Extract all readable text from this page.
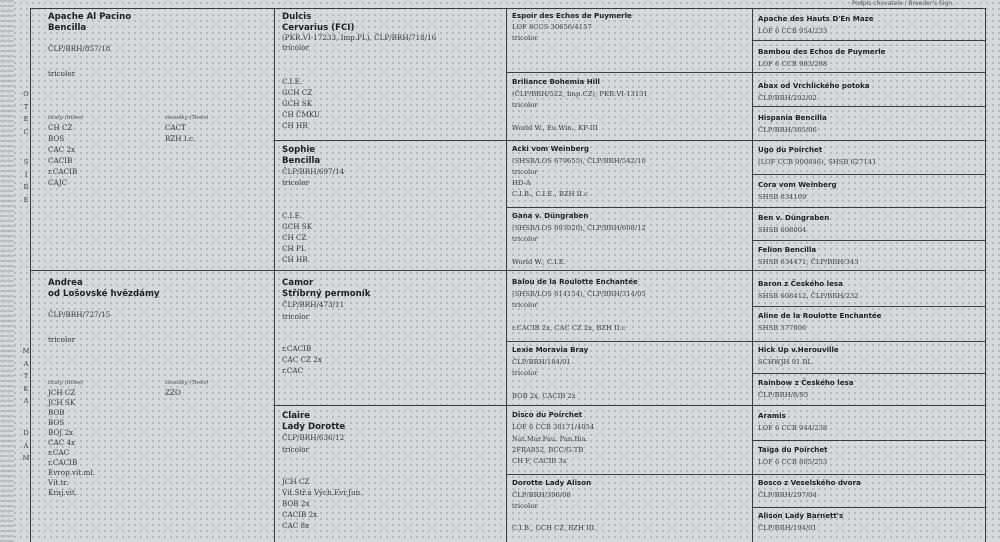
Podpis chovatele / Breeder's Sign.
O
T
E
C
S
I
R
E
M
A
T
K
A
D
A
M
Apache Al Pacino
Bencilla
ČLP/BRH/857/18
tricolor
tituly (titles)	zkoušky (Tests)
CH CZ
BOS
CAC 2x
CACIB
r.CACIB
CAJC
CACT
BZH I.c.
Andrea
od Lošovské hvězdámy
ČLP/BRH/727/15
tricolor
tituly (titles)	zkoušky (Tests)
JCH CZ
JCH SK
BOB
BOS
BOJ 2x
CAC 4x
r.CAC
r.CACIB
Evrop.vít.ml.
Vít.tr.
Kraj.vít.
ZZO
Dulcis
Cervarius (FCI)
(PKR.VI-17233, Imp.PL), ČLP/BRH/718/16
tricolor
C.I.E.
GCH CZ
GCH SK
CH ČMKU
CH HR
Sophie
Bencilla
ČLP/BRH/697/14
tricolor
C.I.E.
GCH SK
CH CZ
CH PL
CH HR
Camor
Stříbrný permoník
ČLP/BRH/473/11
tricolor
r.CACIB
CAC CZ 2x
r.CAC
Claire
Lady Dorotte
ČLP/BRH/636/12
tricolor
JCH CZ
Vít.Stř.a Vých.Evr.Jun.
BOB 2x
CACIB 2x
CAC 8x
Espoir des Echos de Puymerle
LOF 8CCS 30656/4157
tricolor
Briliance Bohemia Hill
(ČLP/BRH/522, Imp.CZ), PKR.VI-13131
tricolor
World W., Eu.Win., KP-III
Acki vom Weinberg
(SHSB/LOS 679655), ČLP/BRH/542/10
tricolor
HD-A
C.I.B., C.I.E., BZH II.c
Gana v. Düngraben
(SHSB/LOS 693020), ČLP/BRH/608/12
tricolor
World W., C.I.E.
Balou de la Roulotte Enchantée
(SHSB/LOS 614154), ČLP/BRH/314/05
tricolor
r.CACIB 2x, CAC CZ 2x, BZH II.c
Lexie Moravia Bray
ČLP/BRH/184/01
tricolor
BOB 2x, CACIB 2x
Disco du Poirchet
LOF 6 CCB 30171/4054
Nat.Mar.Fau. Pan.Bia.
2FRA852, BCC/G-TB
CH F, CACIB 3x
Dorotte Lady Alison
ČLP/BRH/396/08
tricolor
C.I.B., GCH CZ, BZH III.
Apache des Hauts D'En Maze
LOF 6 CCB 954/233
Bambou des Echos de Puymerle
LOF 6 CCB 983/288
Abax od Vrchlického potoka
ČLP/BRH/202/02
Hispania Bencilla
ČLP/BRH/365/06
Ugo du Poirchet
(LOF CCB 000846), SHSB 627141
Cora vom Weinberg
SHSB 634169
Ben v. Düngraben
SHSB 608004
Felion Bencilla
SHSB 634471, ČLP/BRH/343
Baron z Českého lesa
SHSB 608412, ČLP/BRH/232
Aline de la Roulotte Enchantée
SHSB 577006
Hick Up v.Herouville
SCHWJH 91 BL
Rainbow z Českého lesa
ČLP/BRH/8/95
Aramis
LOF 6 CCB 944/238
Taiga du Poirchet
LOF 6 CCB 805/253
Bosco z Veselského dvora
ČLP/BRH/297/04
Alison Lady Barnett's
ČLP/BRH/194/01
